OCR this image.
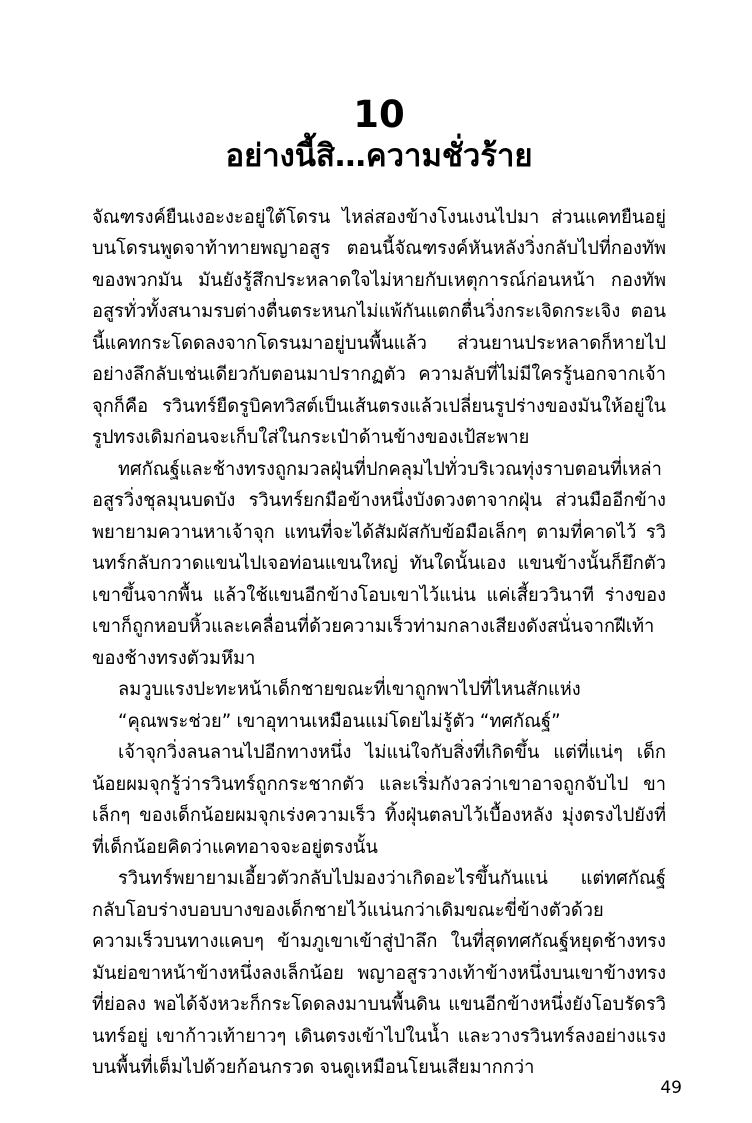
10
อย่างนี้สิ…ความชั่วร้าย

จัณฑรงค์ยืนเงอะงะอยู่ใต้โดรน ไหล่สองข้างโงนเงนไปมา ส่วนแคทยืนอยู่บนโดรนพูดจาท้าทายพญาอสูร ตอนนี้จัณฑรงค์หันหลังวิ่งกลับไปที่กองทัพของพวกมัน มันยังรู้สึกประหลาดใจไม่หายกับเหตุการณ์ก่อนหน้า กองทัพอสูรทั่วทั้งสนามรบต่างตื่นตระหนกไม่แพ้กันแตกตื่นวิ่งกระเจิดกระเจิง ตอนนี้แคทกระโดดลงจากโดรนมาอยู่บนพื้นแล้ว ส่วนยานประหลาดก็หายไปอย่างลึกลับเช่นเดียวกับตอนมาปรากฏตัว ความลับที่ไม่มีใครรู้นอกจากเจ้าจุกก็คือ รวินทร์ยืดรูบิคทวิสต์เป็นเส้นตรงแล้วเปลี่ยนรูปร่างของมันให้อยู่ในรูปทรงเดิมก่อนจะเก็บใส่ในกระเป๋าด้านข้างของเป้สะพาย

ทศกัณฐ์และช้างทรงถูกมวลฝุ่นที่ปกคลุมไปทั่วบริเวณทุ่งราบตอนที่เหล่าอสูรวิ่งชุลมุนบดบัง รวินทร์ยกมือข้างหนึ่งบังดวงตาจากฝุ่น ส่วนมืออีกข้างพยายามควานหาเจ้าจุก แทนที่จะได้สัมผัสกับข้อมือเล็กๆ ตามที่คาดไว้ รวินทร์กลับกวาดแขนไปเจอท่อนแขนใหญ่ ทันใดนั้นเอง แขนข้างนั้นก็ยึกตัวเขาขึ้นจากพื้น แล้วใช้แขนอีกข้างโอบเขาไว้แน่น แค่เสี้ยววินาที ร่างของเขาก็ถูกหอบหิ้วและเคลื่อนที่ด้วยความเร็วท่ามกลางเสียงดังสนั่นจากฝีเท้าของช้างทรงตัวมหึมา

ลมวูบแรงปะทะหน้าเด็กชายขณะที่เขาถูกพาไปที่ไหนสักแห่ง

“คุณพระช่วย” เขาอุทานเหมือนแม่โดยไม่รู้ตัว “ทศกัณฐ์”

เจ้าจุกวิ่งลนลานไปอีกทางหนึ่ง ไม่แน่ใจกับสิ่งที่เกิดขึ้น แต่ที่แน่ๆ เด็กน้อยผมจุกรู้ว่ารวินทร์ถูกกระชากตัว และเริ่มกังวลว่าเขาอาจถูกจับไป ขาเล็กๆ ของเด็กน้อยผมจุกเร่งความเร็ว ทิ้งฝุ่นตลบไว้เบื้องหลัง มุ่งตรงไปยังที่ที่เด็กน้อยคิดว่าแคทอาจจะอยู่ตรงนั้น

รวินทร์พยายามเอี้ยวตัวกลับไปมองว่าเกิดอะไรขึ้นกันแน่ แต่ทศกัณฐ์กลับโอบร่างบอบบางของเด็กชายไว้แน่นกว่าเดิมขณะขี่ข้างตัวด้วยความเร็วบนทางแคบๆ ข้ามภูเขาเข้าสู่ป่าลึก ในที่สุดทศกัณฐ์หยุดช้างทรง มันย่อขาหน้าข้างหนึ่งลงเล็กน้อย พญาอสูรวางเท้าข้างหนึ่งบนเขาข้างทรงที่ย่อลง พอได้จังหวะก็กระโดดลงมาบนพื้นดิน แขนอีกข้างหนึ่งยังโอบรัดรวินทร์อยู่ เขาก้าวเท้ายาวๆ เดินตรงเข้าไปในน้ำ และวางรวินทร์ลงอย่างแรงบนพื้นที่เต็มไปด้วยก้อนกรวด จนดูเหมือนโยนเสียมากกว่า

49
